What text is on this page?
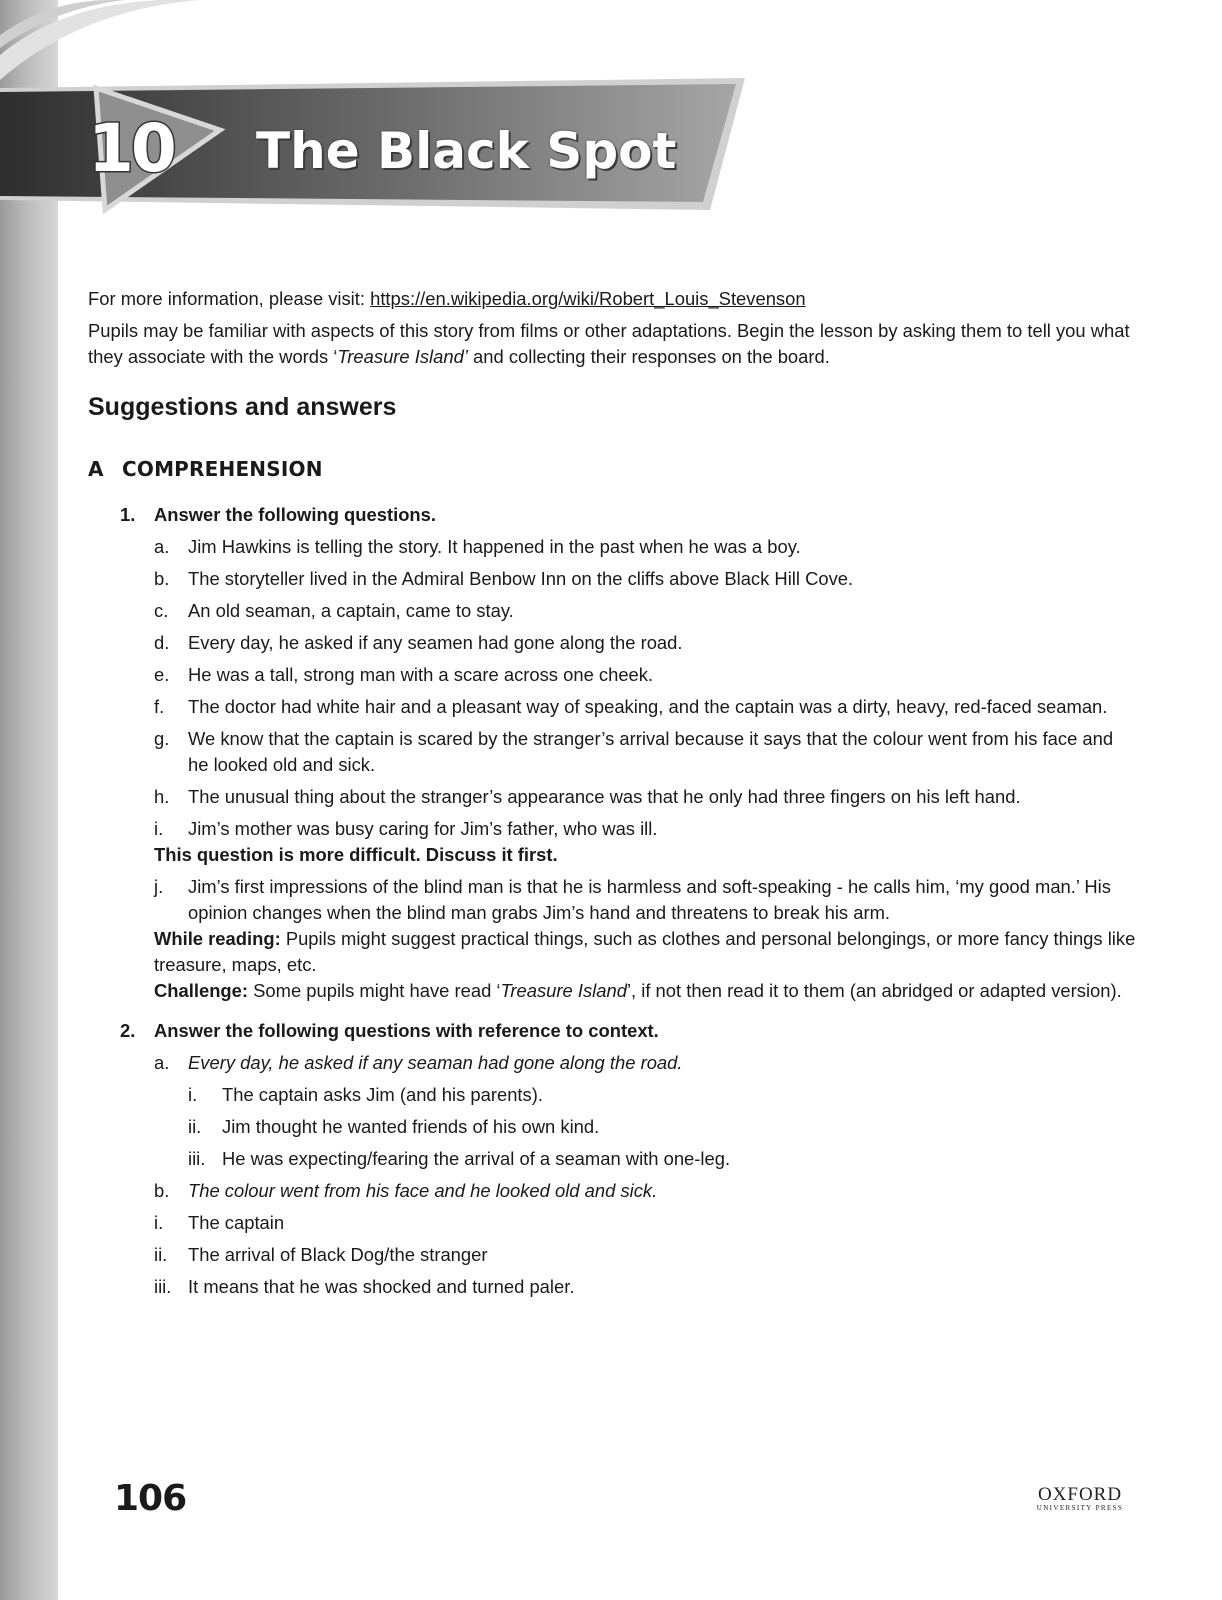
10 The Black Spot

For more information, please visit: https://en.wikipedia.org/wiki/Robert_Louis_Stevenson

Pupils may be familiar with aspects of this story from films or other adaptations. Begin the lesson by asking them to tell you what they associate with the words ‘Treasure Island’ and collecting their responses on the board.

Suggestions and answers
A COMPREHENSION
1. Answer the following questions.
a. Jim Hawkins is telling the story. It happened in the past when he was a boy.
b. The storyteller lived in the Admiral Benbow Inn on the cliffs above Black Hill Cove.
c. An old seaman, a captain, came to stay.
d. Every day, he asked if any seamen had gone along the road.
e. He was a tall, strong man with a scare across one cheek.
f. The doctor had white hair and a pleasant way of speaking, and the captain was a dirty, heavy, red-faced seaman.
g. We know that the captain is scared by the stranger’s arrival because it says that the colour went from his face and he looked old and sick.
h. The unusual thing about the stranger’s appearance was that he only had three fingers on his left hand.
i. Jim’s mother was busy caring for Jim’s father, who was ill.

This question is more difficult. Discuss it first.

j. Jim’s first impressions of the blind man is that he is harmless and soft-speaking - he calls him, ‘my good man.’ His opinion changes when the blind man grabs Jim’s hand and threatens to break his arm.

While reading: Pupils might suggest practical things, such as clothes and personal belongings, or more fancy things like treasure, maps, etc.

Challenge: Some pupils might have read ‘Treasure Island’, if not then read it to them (an abridged or adapted version).

2. Answer the following questions with reference to context.
a. Every day, he asked if any seaman had gone along the road.
i. The captain asks Jim (and his parents).
ii. Jim thought he wanted friends of his own kind.
iii. He was expecting/fearing the arrival of a seaman with one-leg.
b. The colour went from his face and he looked old and sick.
i. The captain
ii. The arrival of Black Dog/the stranger
iii. It means that he was shocked and turned paler.
106	OXFORD
UNIVERSITY PRESS
